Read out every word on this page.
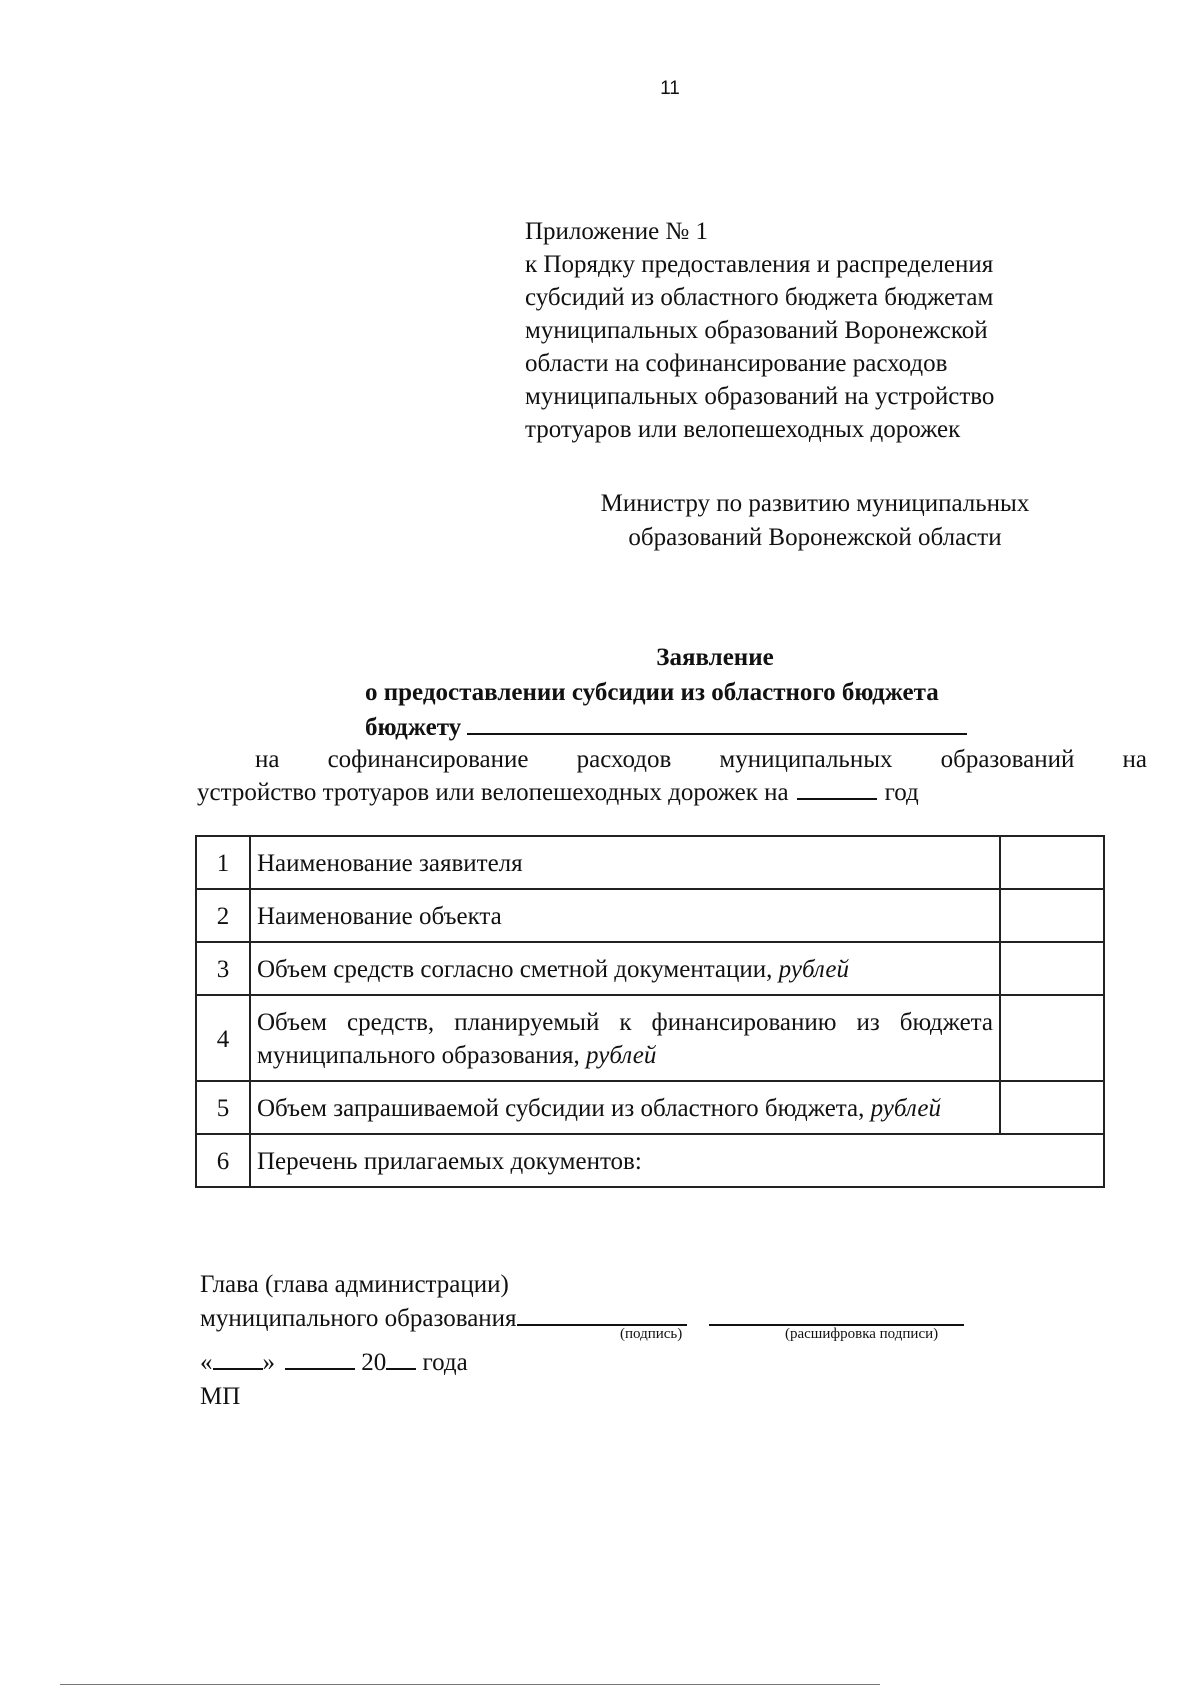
11
Приложение № 1
к Порядку предоставления и распределения
субсидий из областного бюджета бюджетам
муниципальных образований Воронежской
области на софинансирование расходов
муниципальных образований на устройство
тротуаров или велопешеходных дорожек
Министру по развитию муниципальных
образований Воронежской области
Заявление
о предоставлении субсидии из областного бюджета
бюджету
на софинансирование расходов муниципальных образований на
устройство тротуаров или велопешеходных дорожек на	год
1	Наименование заявителя	
2	Наименование объекта	
3	Объем средств согласно сметной документации, рублей	
4	Объем средств, планируемый к финансированию из бюджета муниципального образования, рублей	
5	Объем запрашиваемой субсидии из областного бюджета, рублей	
6	Перечень прилагаемых документов:	
Глава (глава администрации)
муниципального образования
(подпись)	(расшифровка подписи)
« »	20 года
МП
